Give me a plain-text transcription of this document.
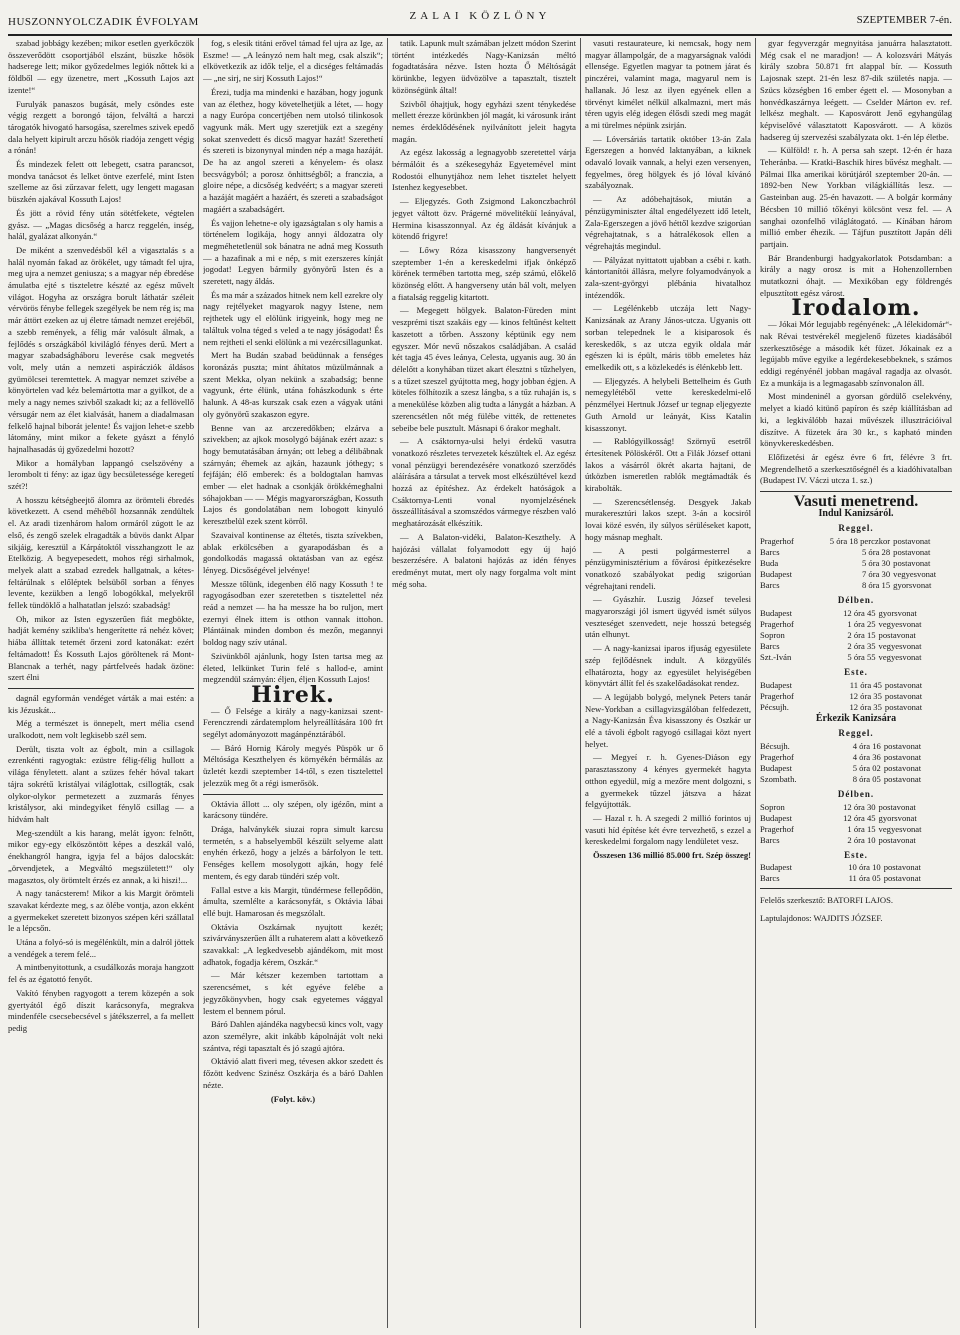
HUSZONNYOLCZADIK ÉVFOLYAM	ZALAI KÖZLÖNY	SZEPTEMBER 7-én.

szabad jobbágy kezében; mikor esetlen gyerkőczök összeverődött csoportjából elszánt, büszke hősök hadserege lett; mikor győzedelmes legiók nőttek ki a földből — egy üzenetre, mert „Kossuth Lajos azt izente!“

Furulyák panaszos bugását, mely csöndes este végig rezgett a borongó tájon, felváltá a harczi tárogatók hivogató harsogása, szerelmes szivek epedő dala helyett kipirult arczu hősök riadója zengett végig a rónán!

És mindezek felett ott lebegett, csatra parancsot, mondva tanácsot és lelket öntve ezerfelé, mint Isten szelleme az ősi zűrzavar felett, ugy lengett magasan büszkén ajakával Kossuth Lajos!

És jött a rövid fény után sötétfekete, végtelen gyász. — „Magas dicsőség a harcz reggelén, inség, halál, gyalázat alkonyán.“

De miként a szenvedésből kél a vigasztalás s a halál nyomán fakad az örökélet, ugy támadt fel ujra, meg ujra a nemzet geniusza; s a magyar nép ébredése ámulatba ejté s tiszteletre készté az egész művelt világot. Hogyha az országra borult láthatár széleit vérvörös fénybe fellegek szegélyek be nem rég is; ma már áttört ezeken az uj életre támadt nemzet erejéből, a szebb remények, a félig már valósult álmak, a fejlődés s országkából kivilágló fényes derű. Mert a magyar szabadságháboru leverése csak megvetés volt, mely után a nemzeti aspirácziók áldásos gyümölcsei teremtettek. A magyar nemzet szivébe a könyörtelen vad kéz belemártotta mar a gyilkot, de a mely a nagy nemes szivből szakadt ki; az a fellövellő vérsugár nem az élet kialvását, hanem a diadalmasan felkelő hajnal biborát jelente! És vajjon lehet-e szebb látomány, mint mikor a fekete gyászt a fényló hajnalhasadás új győzedelmi hozott?

Mikor a homályban lappangó cselszövény a lerombolt ti fény: az igaz ügy becsületessége keregetí szét?!

A hosszu kétségbeejtő álomra az örömteli ébredés következett. A csend méhéből hozsannák zendültek el. Az aradi tizenhárom halom ormáról zúgott le az első, és zengő szelek elragadták a büvös dankt Alpar sikjáig, keresztül a Kárpátoktól visszhangzott le az Etelközig. A begyepesedett, mohos régi sirhalmok, melyek alatt a szabad ezredek hallgatnak, a kétes-feltárúlnak s előléptek belsüből sorban a fényes levente, kezükben a lengő lobogókkal, melyekről fellek tündöklő a halhatatlan jelszó: szabadság!

Oh, mikor az Isten egyszerűen fiát megbökte, hadját kemény szikliba's hengerítette rá nehéz követ; hiába állíttak tetemét őrzeni zord katonákat: ezért feltámadott! És Kossuth Lajos göröltenek rá Mont-Blancnak a terhét, nagy pártfelveés hadak özöne: szert élni

dagnál egyformán vendéget várták a mai estén: a kis Jézuskát...

Még a természet is önnepelt, mert mélia csend uralkodott, nem volt legkisebb szél sem.

Derült, tiszta volt az égbolt, min a csillagok ezrenkénti ragyogtak: ezüstre félig-félig hullott a világa fényletett. alant a szüzes fehér hóval takart tájra sokrétű kristályai világlottak, csillogták, csak olykor-olykor permetezett a zuzmarás fényes kristálysor, aki mindegyiket fénylő csillag — a hídvám halt

Meg-szendült a kis harang, melát ígyon: felnőtt, mikor egy-egy elköszöntött képes a deszkál való, énekhangról hangra, igyja fel a bájos dalocskát: „örvendjetek, a Megváltó megszületett!“ oly magasztos, oly örömtelt érzés ez annak, a ki hiszi!...

A nagy tanácsterem! Mikor a kis Margit örömteli szavakat kérdezte meg, s az ölébe vontja, azon ekként a gyermekeket szeretett bizonyos szépen kéri szállatal le a lépcsőn.

Utána a folyó-só is megélénkült, min a dalról jöttek a vendégek a terem felé...

A mintbenyitottunk, a csudálkozás moraja hangzott fel és az égatottó fenyőt.

Vakító fényben ragyogott a terem közepén a sok gyertyától égő díszit karácsonyfa, megrakva mindenféle csecsebecsével s játékszerrel, a fa mellett pedig

fog, s elesik titáni erővel támad fel ujra az Ige, az Eszme! — „A leányzó nem halt meg, csak alszik“; elkövetkezik az idők telje, el a dicséges feltámadás — „ne sirj, ne sirj Kossuth Lajos!“

Érezi, tudja ma mindenki e hazában, hogy jogunk van az élethez, hogy követelhetjük a létet, — hogy a nagy Európa concertjében nem utolsó tilinkosok vagyunk mák. Mert ugy szeretjük ezt a szegény sokat szenvedett és dicső magyar hazát! Szerethetí és szereti is bizonynyal minden nép a maga hazáját. De ha az angol szereti a kényelem- és olasz becsvágyból; a porosz önhittségből; a franczia, a gloire népe, a dicsőség kedvéért; s a magyar szereti a hazáját magáért a hazáért, és szereti a szabadságot magáért a szabadságért.

És vajjon lehetne-e oly igazságtalan s oly hamis a történelem logikája, hogy annyi áldozatra oly megméhetetlenül sok bánatra ne adná meg Kossuth — a hazafinak a mi e nép, s mit ezerszeres kínját jogodat! Legyen bármily gyönyörű Isten és a szeretett, nagy áldás.

És ma már a százados hitnek nem kell ezrekre oly nagy rejtélyeket magyarok nagyy Istene, nem rejthetek ugy el elölünk irigyeink, hogy meg ne találtuk volna téged s veled a te nagy jóságodat! És nem rejtheti el senki elölünk a mi vezércsillagunkat.

Mert ha Budán szabad beüdünnak a fenséges koronázás puszta; mint áhítatos müzülmánnak a szent Mekka, olyan nekünk a szabadság; benne vagyunk, érte élünk, utána fohászkodunk s érte halunk. A 48-as kurszak csak ezen a vágyak utáni oly gyönyörű szakaszon egyre.

Benne van az arczeredőkben; elzárva a szivekben; az ajkok mosolygó bájának ezért azaz: s hogy bemutatásában árnyán; ott lebeg a délibábnak szárnyán; éhemek az ajkán, hazaunk jóthegy; s fejfáján; élő emberek: és a boldogtalan hamvas ember — elet hadnak a csonkják örökkémeghalni sóhajokban — — Mégis magyarországban, Kossuth Lajos és gondolatában nem lobogott kinyuló keresztbelül ezek szent körről.

Szavaival kontinense az éltetés, tiszta szívekben, ablak erkölcsében a gyarapodásban és a gondolkodás magassá oktatásban van az egész lényeg. Dicsőségével jelvénye!

Messze tőlünk, idegenben élő nagy Kossuth ! te ragyogásodban ezer szeretetben s tisztelettel néz reád a nemzet — ha ha messze ha bo ruljon, mert ezernyi élnek ittem is otthon vannak ittohon. Plántáinak minden dombon és mezőn, megannyi boldog nagy szív utánal.

Szivünkből ajánlunk, hogy Isten tartsa meg az életed, lelkünket Turin felé s hallod-e, amint megzendül szárnyán: éljen, éljen Kossuth Lajos!

Hirek.

— Ő Felsége a király a nagy-kanizsai szent-Ferenczrendi zárdatemplom helyreállítására 100 frt segélyt adományozott magánpénztárából.

— Báró Hornig Károly megyés Püspök ur ő Méltósága Keszthelyen és környékén bérmálás az üzletét kezdi szeptember 14-től, s ezen tisztelettel jelezzük meg őt a régi ismerősök.

Oktávia állott ... oly szépen, oly igézőn, mint a karácsony tündére.

Drága, halványkék siuzai ropra simult karcsu termetén, s a habselyemből készült selyeme alatt enyhén érkező, hogy a jelzés a bárfolyon le tett. Fenséges kellem mosolygott ajkán, hogy felé mentem, és egy darab tündéri szép volt.

Fallal estve a kis Margit, tündérmese fellepődön, ámulta, szemlélte a karácsonyfát, s Oktávia lábai ellé bujt. Hamarosan és megszólalt.

Oktávia Oszkárnak nyujtott kezét; szivárványszerűen állt a ruhaterem alatt a következő szavakkal: „A legkedvesebb ajándékom, mit most adhatok, fogadja kérem, Oszkár.“

— Már kétszer kezemben tartottam a szerencsémet, s két egyéve felébe a jegyzőkönyvben, hogy csak egyetemes vággyal lestem el bennem pórul.

Báró Dahlen ajándéka nagybecsü kincs volt, vagy azon személyre, akit inkább kápolnáját volt neki szántva, régi tapasztalt és jó szagú ajtóra.

Oktávió alatt fiveri meg, tévesen akkor szedett és főzött kedvenc Szinész Oszkárja és a báró Dahlen nézte.

(Folyt. köv.)

tatik. Lapunk mult számában jelzett módon Szerint történt intézkedés Nagy-Kanizsán méltó fogadtatására nézve. Isten hozta Ő Méltóságát körünkbe, legyen üdvözölve a tapasztalt, tisztelt közönségünk által!

Szivből óhajtjuk, hogy egyházi szent ténykedése mellett érezze körünkben jól magát, ki városunk iránt nemes érdeklődésének nyilvánított jeleit hagyta magán.

Az egész lakosság a legnagyobb szeretettel várja bérmálóit és a székesegyház Egyetemével mint Rodostói elhunytjához nem lehet tisztelet helyett Istenhez kegyesebbet.

— Eljegyzés. Goth Zsigmond Lakonczbachról jegyet váltott özv. Prágerné mövelitéküí leányával, Hermina kisasszonnyal. Az ég áldását kívánjuk a kötendő frigyre!

— Lőwy Róza kisasszony hangversenyét szeptember 1-én a kereskedelmi ifjak önképző körének termében tartotta meg, szép számú, előkelő közönség előtt. A hangverseny után bál volt, melyen a fiatalság reggelig kitartott.

— Megegett hölgyek. Balaton-Füreden mint veszprémi tiszt szakáis egy — kinos feltűnést keltett kaszetott a tőrben. Asszony képtünik egy nem egyszer. Mór nevű nőszakos családjában. A család két tagja 45 éves leánya, Celesta, ugyanis aug. 30 án délelőtt a konyhában tüzet akart élesztni s tűzhelyen, s a tűzet szeszel gyújtotta meg, hogy jobban égjen. A köteles fölhítozik a szesz lángba, s a tűz ruhaján is, s a menekülése közben alig tudta a lánygát a házban. A szerencsétlen nőt még fülébe vitték, de rettenetes sebeibe bele pusztult. Másnapi 6 órakor meghalt.

— A csáktornya-ulsi helyi érdekű vasutra vonatkozó részletes tervezetek készültek el. Az egész vonal pénzügyi berendezésére vonatkozó szerződés aláírására a társulat a tervek most elkészültével kezd hozzá az építéshez. Az érdekelt hatóságok a Csáktornya-Lenti vonal nyomjelzésének összeállításával a szomszédos vármegye részben való meghatározását elkészítik.

— A Balaton-vidéki, Balaton-Keszthely. A hajózási vállalat folyamodott egy új hajó beszerzésére. A balatoni hajózás az idén fényes eredményt mutat, mert oly nagy forgalma volt mint még soha.

vasuti restaurateure, ki nemcsak, hogy nem magyar állampolgár, de a magyarságnak valódi ellensége. Egyetlen magyar ta potnem járat és pinczérei, valamint maga, magyarul nem is hallanak. Jó lesz az ilyen egyének ellen a törvényt kimélet nélkül alkalmazni, mert más téren ugyis elég idegen élősdi szedi meg magát a mi türelmes népünk zsirján.

— Lóversáriás tartatik október 13-án Zala Egerszegen a honvéd laktanyában, a kiknek odavaló lovaik vannak, a helyi ezen versenyen, fegyelmes, öreg hölgyek és jó lóval kívánó szabályoznak.

— Az adóbehajtások, miután a pénzügyminiszter által engedélyezett idő letelt, Zala-Egerszegen a jövő héttől kezdve szigorúan végrehajtatnak, s a hátralékosok ellen a végrehajtás megindul.

— Pályázat nyittatott ujabban a csébi r. kath. kántortanítói állásra, melyre folyamodványok a zala-szent-györgyi plébánia hivatalhoz intézendők.

— Legélénkebb utczája lett Nagy-Kanizsának az Arany János-utcza. Ugyanis ott sorban telepednek le a kisiparosok és kereskedők, s az utcza egyik oldala már egészen ki is épült, máris több emeletes ház emelkedik ott, s a közlekedés is élénkebb lett.

— Eljegyzés. A helybeli Bettelheim és Guth nemegylétéből vette kereskedelmi-elő pénzmélyei Hertnuk József ur tegnap eljegyezte Guth Arnold ur leányát, Kiss Katalin kisasszonyt.

— Rablógyilkosság! Szörnyű esetről értesítenek Pölöskéről. Ott a Filák József ottani lakos a vásárról ökrét akarta hajtani, de útközben ismeretlen rablók megtámadták és kirabolták.

— Szerencsétlenség. Desgyek Jakab murakeresztúri lakos szept. 3-án a kocsiról lovai közé esvén, ily súlyos sérüléseket kapott, hogy másnap meghalt.

— A pesti polgármesterrel a pénzügyminisztérium a fővárosi építkezésekre vonatkozó szabályokat pedig szigorúan végrehajtani rendeli.

— Gyászhír. Luszig József tevelesi magyarországi jól ismert ügyvéd ismét súlyos veszteséget szenvedett, neje hosszú betegség után elhunyt.

— A nagy-kanizsai iparos ifjuság egyesülete szép fejlődésnek indult. A közgyűlés elhatározta, hogy az egyesület helyiségében könyvtárt állít fel és szakelőadásokat rendez.

— A legújabb bolygó, melynek Peters tanár New-Yorkban a csillagvizsgálóban felfedezett, a Nagy-Kanizsán Éva kisasszony és Oszkár ur elé a távoli égbolt ragyogó csillagai közt nyert helyet.

— Megyeí r. h. Gyenes-Diáson egy parasztasszony 4 kényes gyermekét hagyta otthon egyedül, míg a mezőre ment dolgozni, s a gyermekek tűzzel játszva a házat felgyújtották.

— Hazal r. h. A szegedi 2 millió forintos uj vasuti híd építése két évre tervezhető, s ezzel a kereskedelmi forgalom nagy lendületet vesz.

Összesen 136 millió 85.000 frt. Szép összeg!

gyar fegyverzgár megnyitása januárra halasztatott. Még csak el ne maradjon! — A kolozsvári Mátyás király szobra 50.871 frt alappal bír. — Kossuth Lajosnak szept. 21-én lesz 87-dik születés napja. — Szücs községben 16 ember égett el. — Mosonyban a honvédkaszárnya leégett. — Cselder Márton ev. ref. lelkész meghalt. — Kaposvárott Jenő egyhangúlag képviselővé választatott Kaposvárott. — A közös hadsereg új szervezési szabályzata okt. 1-én lép életbe.

— Külföld! r. h. A persa sah szept. 12-én ér haza Teheránba. — Kratki-Baschik hires bűvész meghalt. — Pálmai Ilka amerikai körútjáról szeptember 20-án. — 1892-ben New Yorkban világkiállítás lesz. — Gasteinban aug. 25-én havazott. — A bolgár kormány Bécsben 10 millió tőkényi kölcsönt vesz fel. — A sanghai ozonfelhő világlátogató. — Kínában három millió ember éhezik. — Tájfun pusztított Japán déli partjain.

Bár Brandenburgi hadgyakorlatok Potsdamban: a király a nagy orosz is mit a Hohenzollernben mutatkozni óhajt. — Mexikóban egy földrengés elpusztított egész várost.

Irodalom.

— Jókai Mór legujabb regényének: „A lélekidomár“-nak Révai testvérekél megjelenő füzetes kiadásából szerkesztősége a második két füzet. Jókainak ez a legújabb műve egyike a legérdekesebbeknek, s számos eddigi regényénél jobban magával ragadja az olvasót. Ez a munkája is a legmagasabb színvonalon áll.

Most mindeninél a gyorsan gördülő cselekvény, melyet a kiadó kitünő papíron és szép kiállításban ad ki, a legkiválóbb hazai művészek illusztrációival díszítve. A füzetek ára 30 kr., s kapható minden könyvkereskedésben.

Előfizetési ár egész évre 6 frt, félévre 3 frt. Megrendelhető a szerkesztőségnél és a kiadóhivatalban (Budapest IV. Váczi utcza 1. sz.)

Vasuti menetrend.
Indul Kanizsáról.
Reggel.
Pragerhof	5 óra 18 perczkor	postavonat
Barcs	5 óra 28	postavonat
Buda	5 óra 30	postavonat
Budapest	7 óra 30	vegyesvonat
Barcs	8 óra 15	gyorsvonat
Délben.
Budapest	12 óra 45	gyorsvonat
Pragerhof	1 óra 25	vegyesvonat
Sopron	2 óra 15	postavonat
Barcs	2 óra 35	vegyesvonat
Szt.-Iván	5 óra 55	vegyesvonat
Este.
Budapest	11 óra 45	postavonat
Pragerhof	12 óra 35	postavonat
Pécsujh.	12 óra 35	postavonat
Érkezik Kanizsára
Reggel.
Bécsujh.	4 óra 16	postavonat
Pragerhof	4 óra 36	postavonat
Budapest	5 óra 02	postavonat
Szombath.	8 óra 05	postavonat
Délben.
Sopron	12 óra 30	postavonat
Budapest	12 óra 45	gyorsvonat
Pragerhof	1 óra 15	vegyesvonat
Barcs	2 óra 10	postavonat
Este.
Budapest	10 óra 10	postavonat
Barcs	11 óra 05	postavonat
Felelős szerkesztő: BATORFI LAJOS.
Laptulajdonos: WAJDITS JÓZSEF.
